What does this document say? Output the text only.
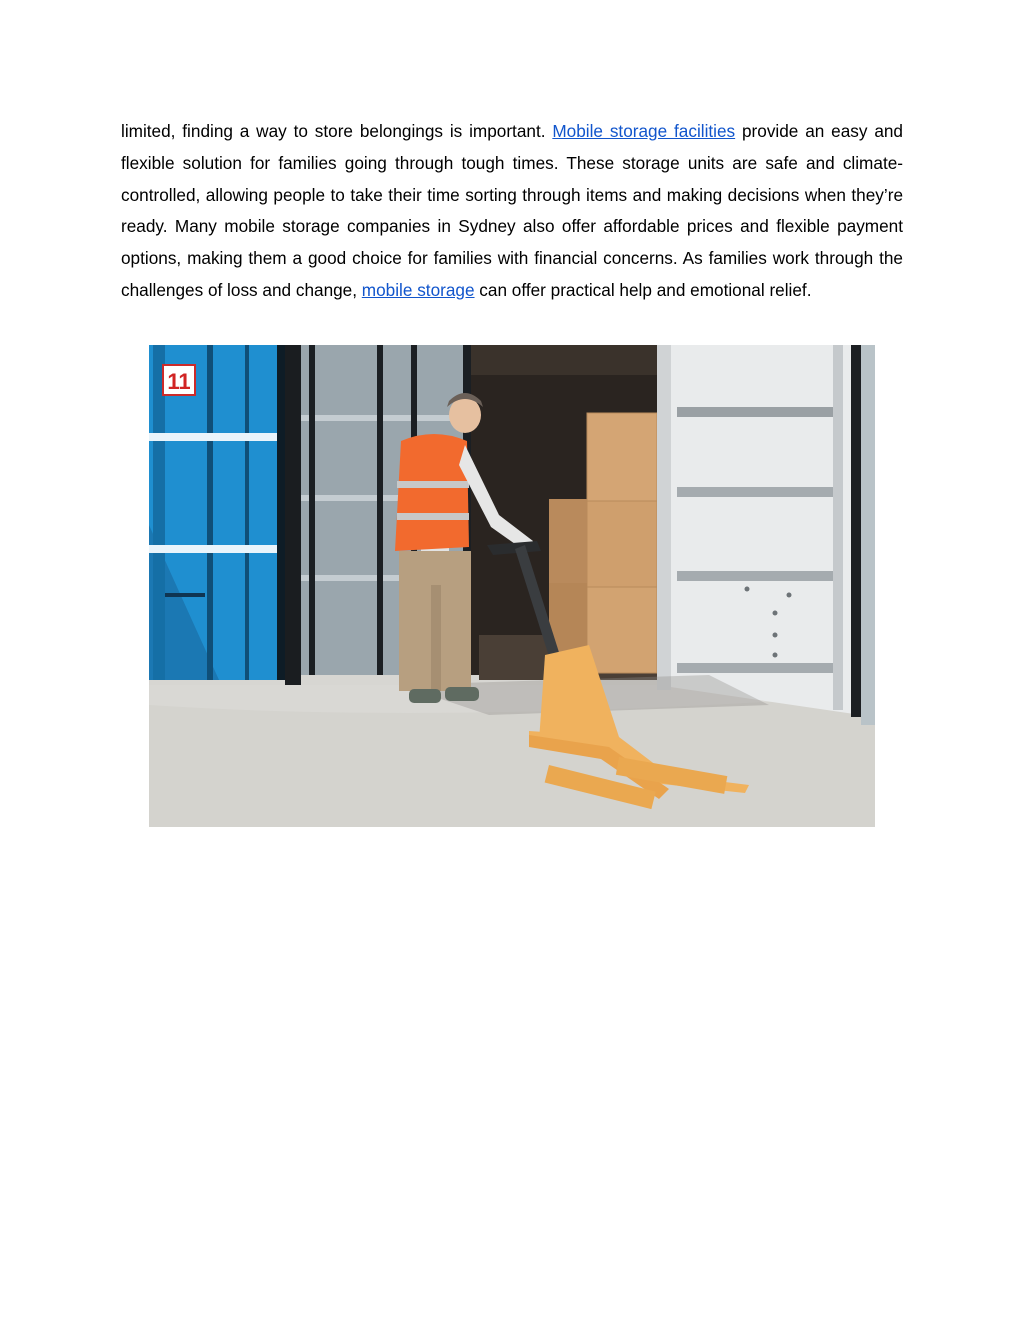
limited, finding a way to store belongings is important. Mobile storage facilities provide an easy and flexible solution for families going through tough times. These storage units are safe and climate-controlled, allowing people to take their time sorting through items and making decisions when they’re ready. Many mobile storage companies in Sydney also offer affordable prices and flexible payment options, making them a good choice for families with financial concerns. As families work through the challenges of loss and change, mobile storage can offer practical help and emotional relief.

11
